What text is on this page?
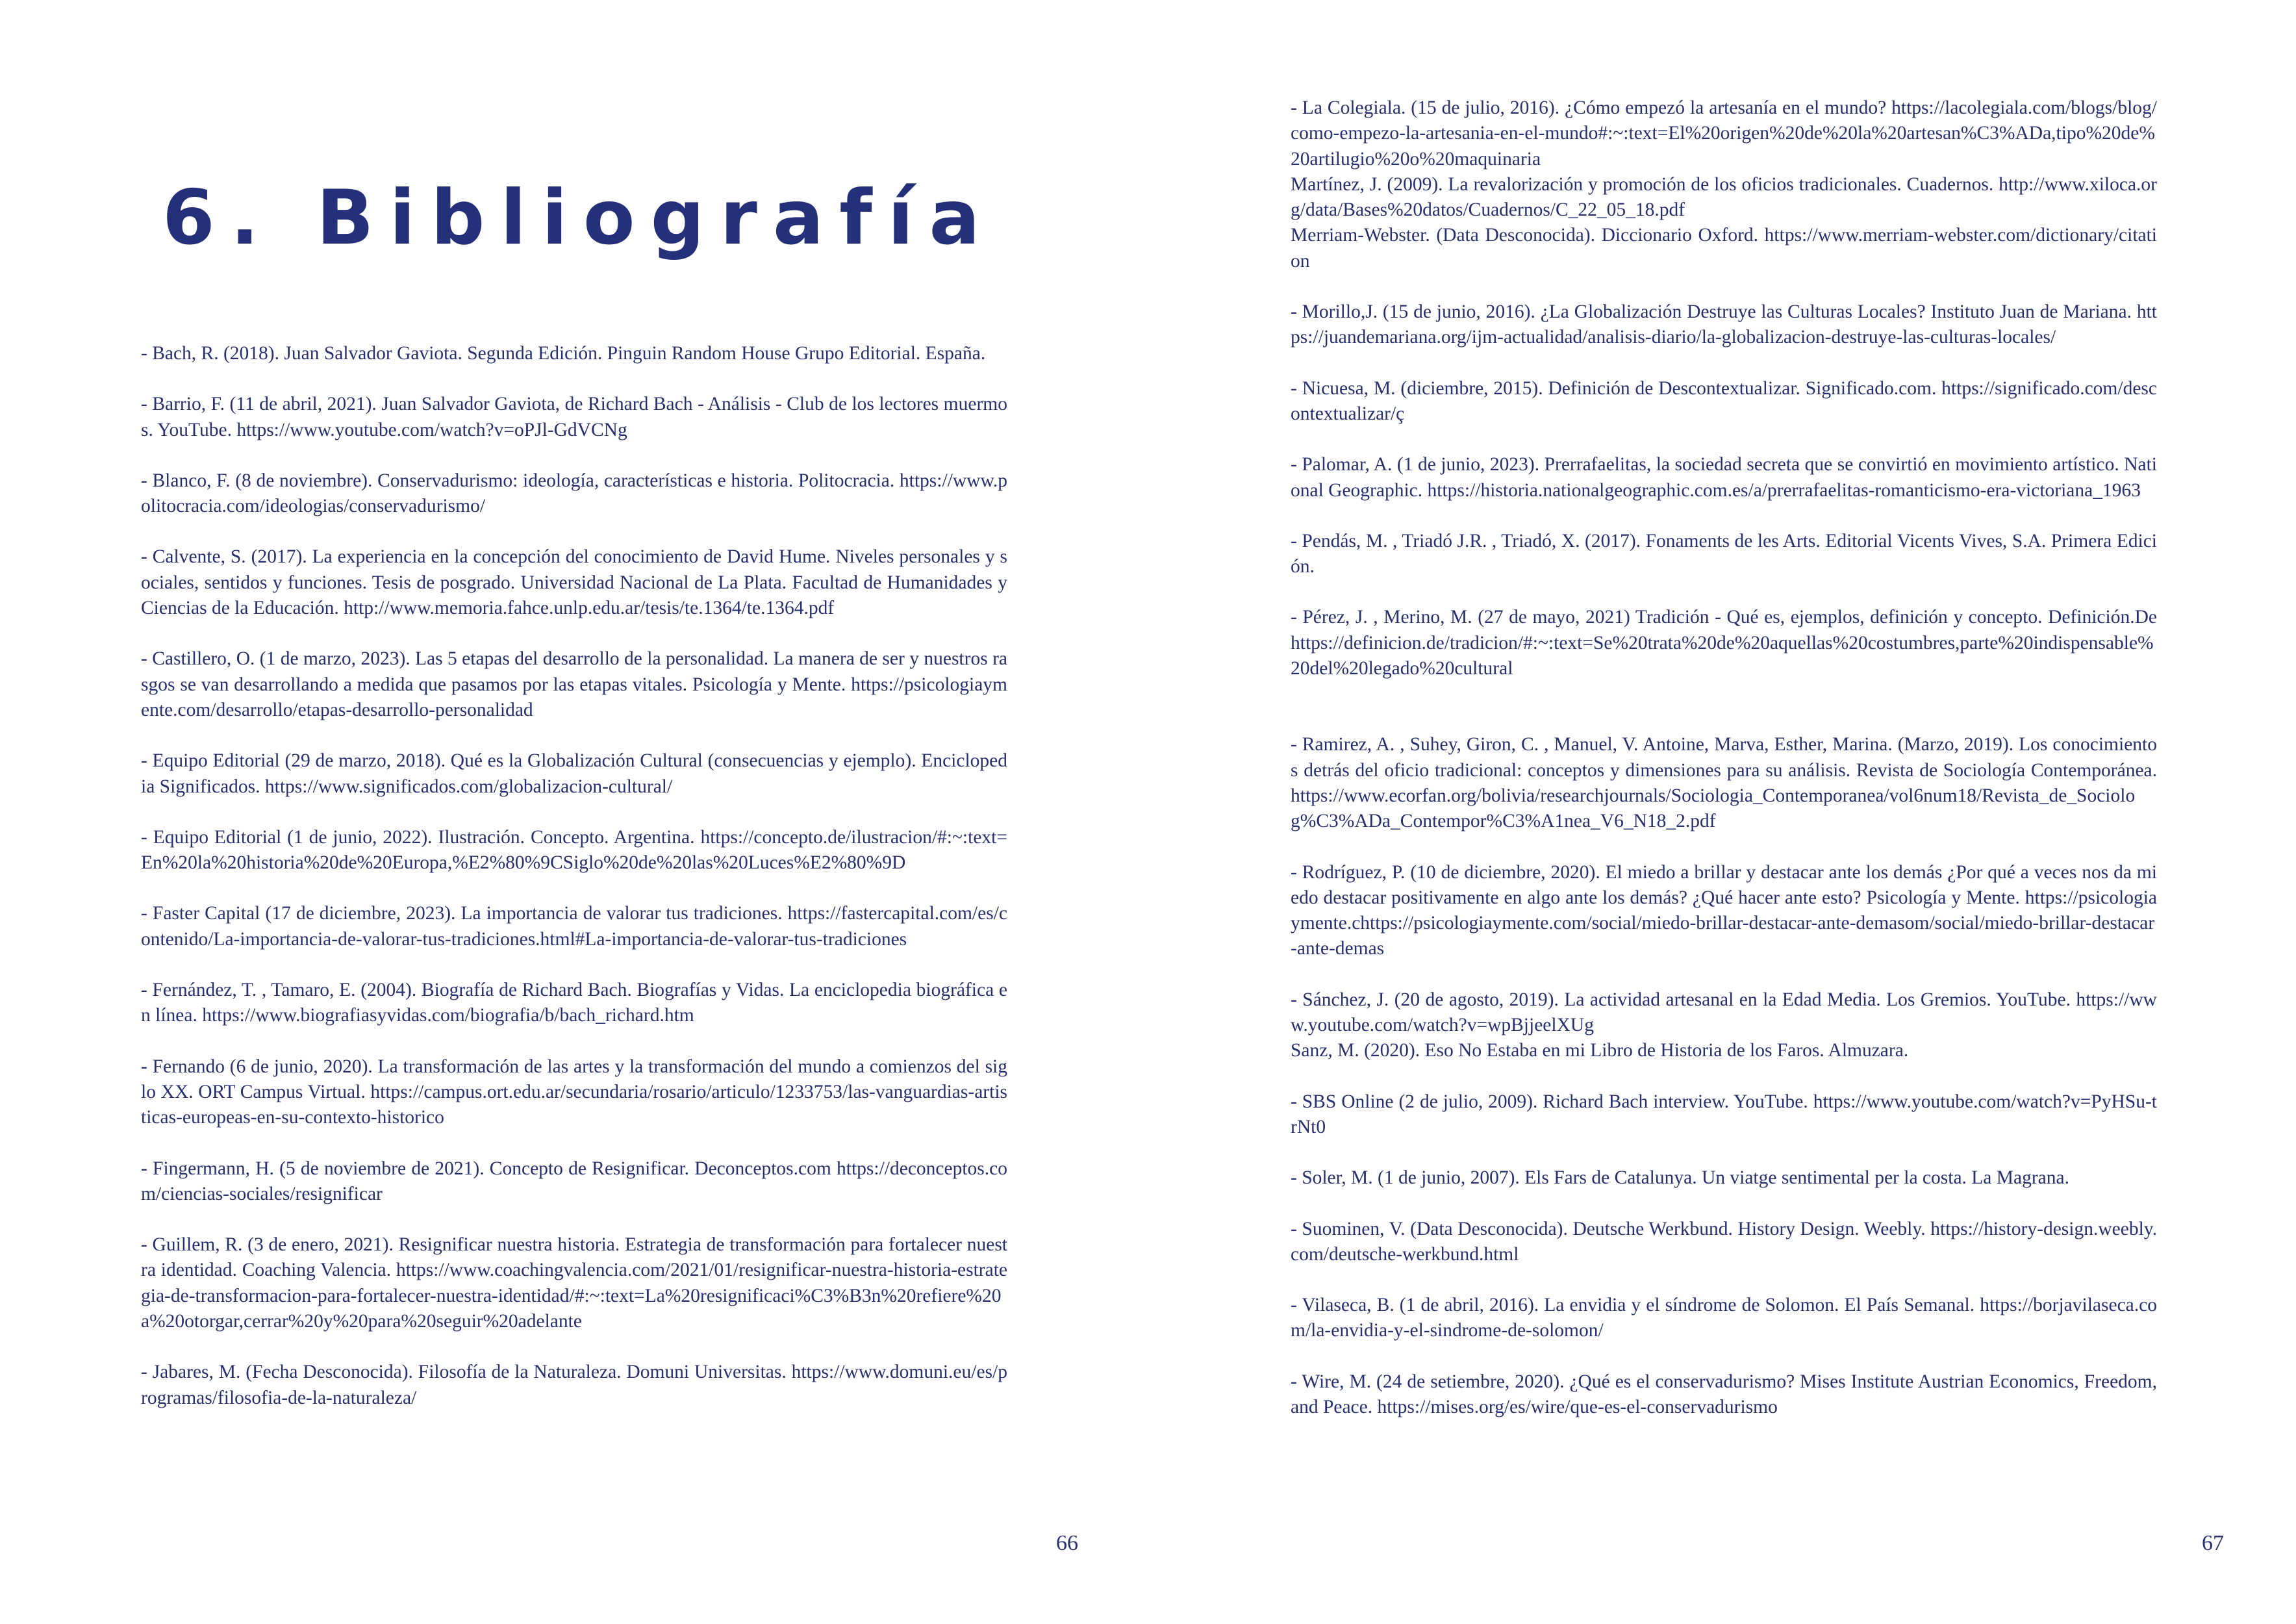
6. Bibliografía

- Bach, R. (2018). Juan Salvador Gaviota. Segunda Edición. Pinguin Random House Grupo Editorial. España.

- Barrio, F. (11 de abril, 2021). Juan Salvador Gaviota, de Richard Bach - Análisis - Club de los lectores muermos. YouTube. https://www.youtube.com/watch?v=oPJl-GdVCNg

- Blanco, F. (8 de noviembre). Conservadurismo: ideología, características e historia. Politocracia. https://www.politocracia.com/ideologias/conservadurismo/

- Calvente, S. (2017). La experiencia en la concepción del conocimiento de David Hume. Niveles personales y sociales, sentidos y funciones. Tesis de posgrado. Universidad Nacional de La Plata. Facultad de Humanidades y Ciencias de la Educación. http://www.memoria.fahce.unlp.edu.ar/tesis/te.1364/te.1364.pdf

- Castillero, O. (1 de marzo, 2023). Las 5 etapas del desarrollo de la personalidad. La manera de ser y nuestros rasgos se van desarrollando a medida que pasamos por las etapas vitales. Psicología y Mente. https://psicologiaymente.com/desarrollo/etapas-desarrollo-personalidad

- Equipo Editorial (29 de marzo, 2018). Qué es la Globalización Cultural (consecuencias y ejemplo). Enciclopedia Significados. https://www.significados.com/globalizacion-cultural/

- Equipo Editorial (1 de junio, 2022). Ilustración. Concepto. Argentina. https://concepto.de/ilustracion/#:~:text=En%20la%20historia%20de%20Europa,%E2%80%9CSiglo%20de%20las%20Luces%E2%80%9D

- Faster Capital (17 de diciembre, 2023). La importancia de valorar tus tradiciones. https://fastercapital.com/es/contenido/La-importancia-de-valorar-tus-tradiciones.html#La-importancia-de-valorar-tus-tradiciones

- Fernández, T. , Tamaro, E. (2004). Biografía de Richard Bach. Biografías y Vidas. La enciclopedia biográfica en línea. https://www.biografiasyvidas.com/biografia/b/bach_richard.htm

- Fernando (6 de junio, 2020). La transformación de las artes y la transformación del mundo a comienzos del siglo XX. ORT Campus Virtual. https://campus.ort.edu.ar/secundaria/rosario/articulo/1233753/las-vanguardias-artisticas-europeas-en-su-contexto-historico

- Fingermann, H. (5 de noviembre de 2021). Concepto de Resignificar. Deconceptos.com https://deconceptos.com/ciencias-sociales/resignificar

- Guillem, R. (3 de enero, 2021). Resignificar nuestra historia. Estrategia de transformación para fortalecer nuestra identidad. Coaching Valencia. https://www.coachingvalencia.com/2021/01/resignificar-nuestra-historia-estrategia-de-transformacion-para-fortalecer-nuestra-identidad/#:~:text=La%20resignificaci%C3%B3n%20refiere%20a%20otorgar,cerrar%20y%20para%20seguir%20adelante

- Jabares, M. (Fecha Desconocida). Filosofía de la Naturaleza. Domuni Universitas. https://www.domuni.eu/es/programas/filosofia-de-la-naturaleza/

66

- La Colegiala. (15 de julio, 2016). ¿Cómo empezó la artesanía en el mundo? https://lacolegiala.com/blogs/blog/como-empezo-la-artesania-en-el-mundo#:~:text=El%20origen%20de%20la%20artesan%C3%ADa,tipo%20de%20artilugio%20o%20maquinaria

Martínez, J. (2009). La revalorización y promoción de los oficios tradicionales. Cuadernos. http://www.xiloca.org/data/Bases%20datos/Cuadernos/C_22_05_18.pdf

Merriam-Webster. (Data Desconocida). Diccionario Oxford. https://www.merriam-webster.com/dictionary/citation

- Morillo,J. (15 de junio, 2016). ¿La Globalización Destruye las Culturas Locales? Instituto Juan de Mariana. https://juandemariana.org/ijm-actualidad/analisis-diario/la-globalizacion-destruye-las-culturas-locales/

- Nicuesa, M. (diciembre, 2015). Definición de Descontextualizar. Significado.com. https://significado.com/descontextualizar/ç

- Palomar, A. (1 de junio, 2023). Prerrafaelitas, la sociedad secreta que se convirtió en movimiento artístico. National Geographic. https://historia.nationalgeographic.com.es/a/prerrafaelitas-romanticismo-era-victoriana_1963

- Pendás, M. , Triadó J.R. , Triadó, X. (2017). Fonaments de les Arts. Editorial Vicents Vives, S.A. Primera Edición.

- Pérez, J. , Merino, M. (27 de mayo, 2021) Tradición - Qué es, ejemplos, definición y concepto. Definición.De https://definicion.de/tradicion/#:~:text=Se%20trata%20de%20aquellas%20costumbres,parte%20indispensable%20del%20legado%20cultural

- Ramirez, A. , Suhey, Giron, C. , Manuel, V. Antoine, Marva, Esther, Marina. (Marzo, 2019). Los conocimientos detrás del oficio tradicional: conceptos y dimensiones para su análisis. Revista de Sociología Contemporánea. https://www.ecorfan.org/bolivia/researchjournals/Sociologia_Contemporanea/vol6num18/Revista_de_Sociolog%C3%ADa_Contempor%C3%A1nea_V6_N18_2.pdf

- Rodríguez, P. (10 de diciembre, 2020). El miedo a brillar y destacar ante los demás ¿Por qué a veces nos da miedo destacar positivamente en algo ante los demás? ¿Qué hacer ante esto? Psicología y Mente. https://psicologiaymente.chttps://psicologiaymente.com/social/miedo-brillar-destacar-ante-demasom/social/miedo-brillar-destacar-ante-demas

- Sánchez, J. (20 de agosto, 2019). La actividad artesanal en la Edad Media. Los Gremios. YouTube. https://www.youtube.com/watch?v=wpBjjeelXUg

Sanz, M. (2020). Eso No Estaba en mi Libro de Historia de los Faros. Almuzara.

- SBS Online (2 de julio, 2009). Richard Bach interview. YouTube. https://www.youtube.com/watch?v=PyHSu-trNt0

- Soler, M. (1 de junio, 2007). Els Fars de Catalunya. Un viatge sentimental per la costa. La Magrana.

- Suominen, V. (Data Desconocida). Deutsche Werkbund. History Design. Weebly. https://history-design.weebly.com/deutsche-werkbund.html

- Vilaseca, B. (1 de abril, 2016). La envidia y el síndrome de Solomon. El País Semanal. https://borjavilaseca.com/la-envidia-y-el-sindrome-de-solomon/

- Wire, M. (24 de setiembre, 2020). ¿Qué es el conservadurismo? Mises Institute Austrian Economics, Freedom, and Peace. https://mises.org/es/wire/que-es-el-conservadurismo

67
